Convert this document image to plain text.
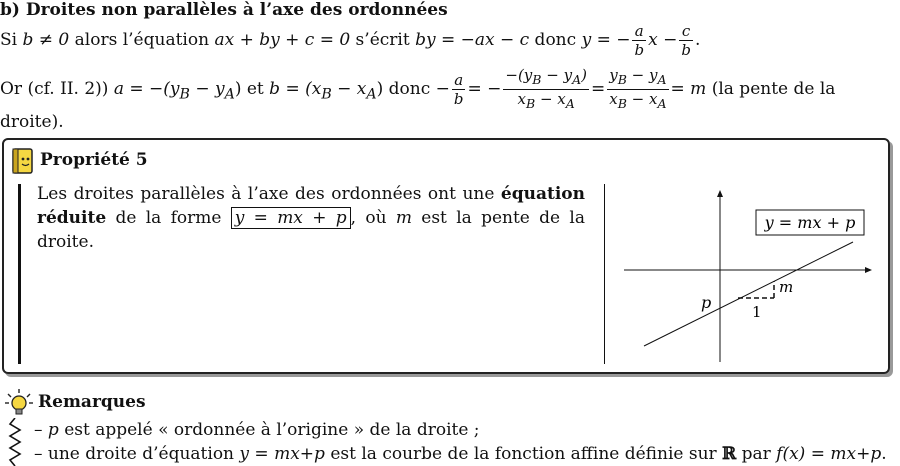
b) Droites non parallèles à l’axe des ordonnées
Si b ≠ 0 alors l’équation ax + by + c = 0 s’écrit by = −ax − c donc y = − $\frac{a}{b}$ $x - \frac{c}{b}$ .
Or (cf. II. 2)) $a = -(y_B - y_A)$ et $b = (x_B - x_A)$ donc − $\frac{a}{b}$ = − $\frac{-(y_B - y_A)}{x_B - x_A} = \frac{y_B - y_A}{x_B - x_A} = m$ (la pente de la
droite).
Propriété 5
Les droites parallèles à l’axe des ordonnées ont une équation réduite de la forme y = mx + p , où m est la pente de la droite.
y = mx + p
p
m
1
Remarques
– p est appelé « ordonnée à l’origine » de la droite ;
– une droite d’équation y = mx+p est la courbe de la fonction affine définie sur ℝ par f(x) = mx+p.
